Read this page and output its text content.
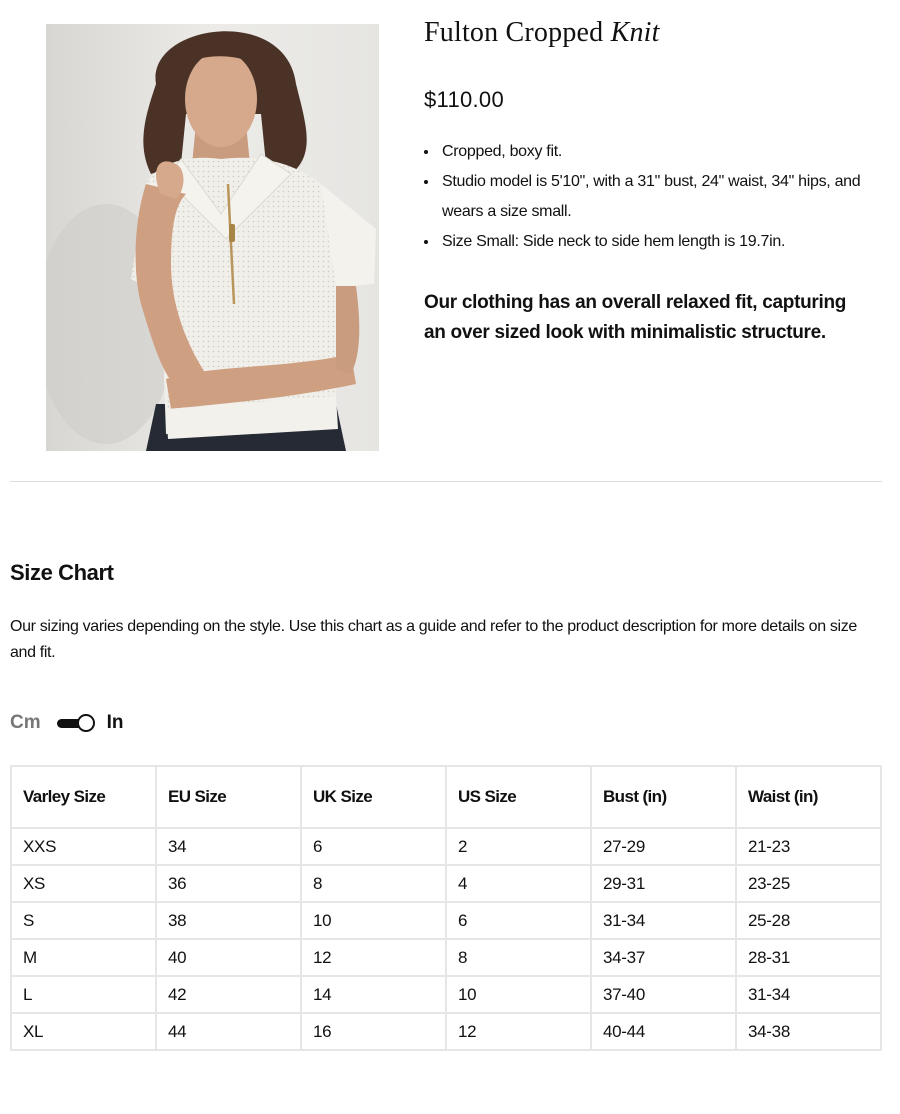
Fulton Cropped Knit
$110.00
Cropped, boxy fit.
Studio model is 5'10", with a 31" bust, 24" waist, 34" hips, and wears a size small.
Size Small: Side neck to side hem length is 19.7in.
Our clothing has an overall relaxed fit, capturing an over sized look with minimalistic structure.
Size Chart

Our sizing varies depending on the style. Use this chart as a guide and refer to the product description for more details on size and fit.

Cm	In
Varley Size	EU Size	UK Size	US Size	Bust (in)	Waist (in)
XXS	34	6	2	27-29	21-23
XS	36	8	4	29-31	23-25
S	38	10	6	31-34	25-28
M	40	12	8	34-37	28-31
L	42	14	10	37-40	31-34
XL	44	16	12	40-44	34-38
